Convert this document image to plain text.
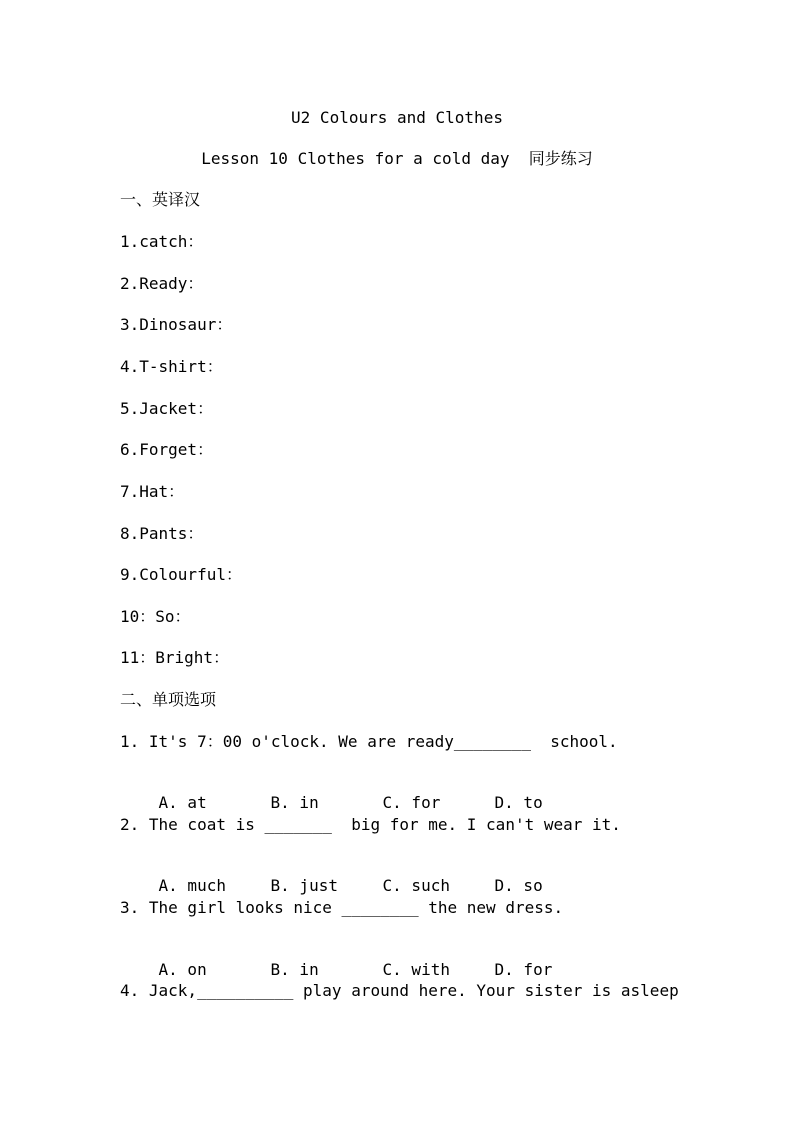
U2 Colours and Clothes
Lesson 10 Clothes for a cold day  同步练习
一、英译汉
1.catch：
2.Ready：
3.Dinosaur：
4.T-shirt：
5.Jacket：
6.Forget：
7.Hat：
8.Pants：
9.Colourful：
10：So：
11：Bright：
二、单项选项
1. It's 7：00 o'clock. We are ready________  school.

A. at	B. in	C. for	D. to

2. The coat is _______  big for me. I can't wear it.

A. much	B. just	C. such	D. so

3. The girl looks nice ________ the new dress.

A. on	B. in	C. with	D. for

4. Jack,__________ play around here. Your sister is asleep
